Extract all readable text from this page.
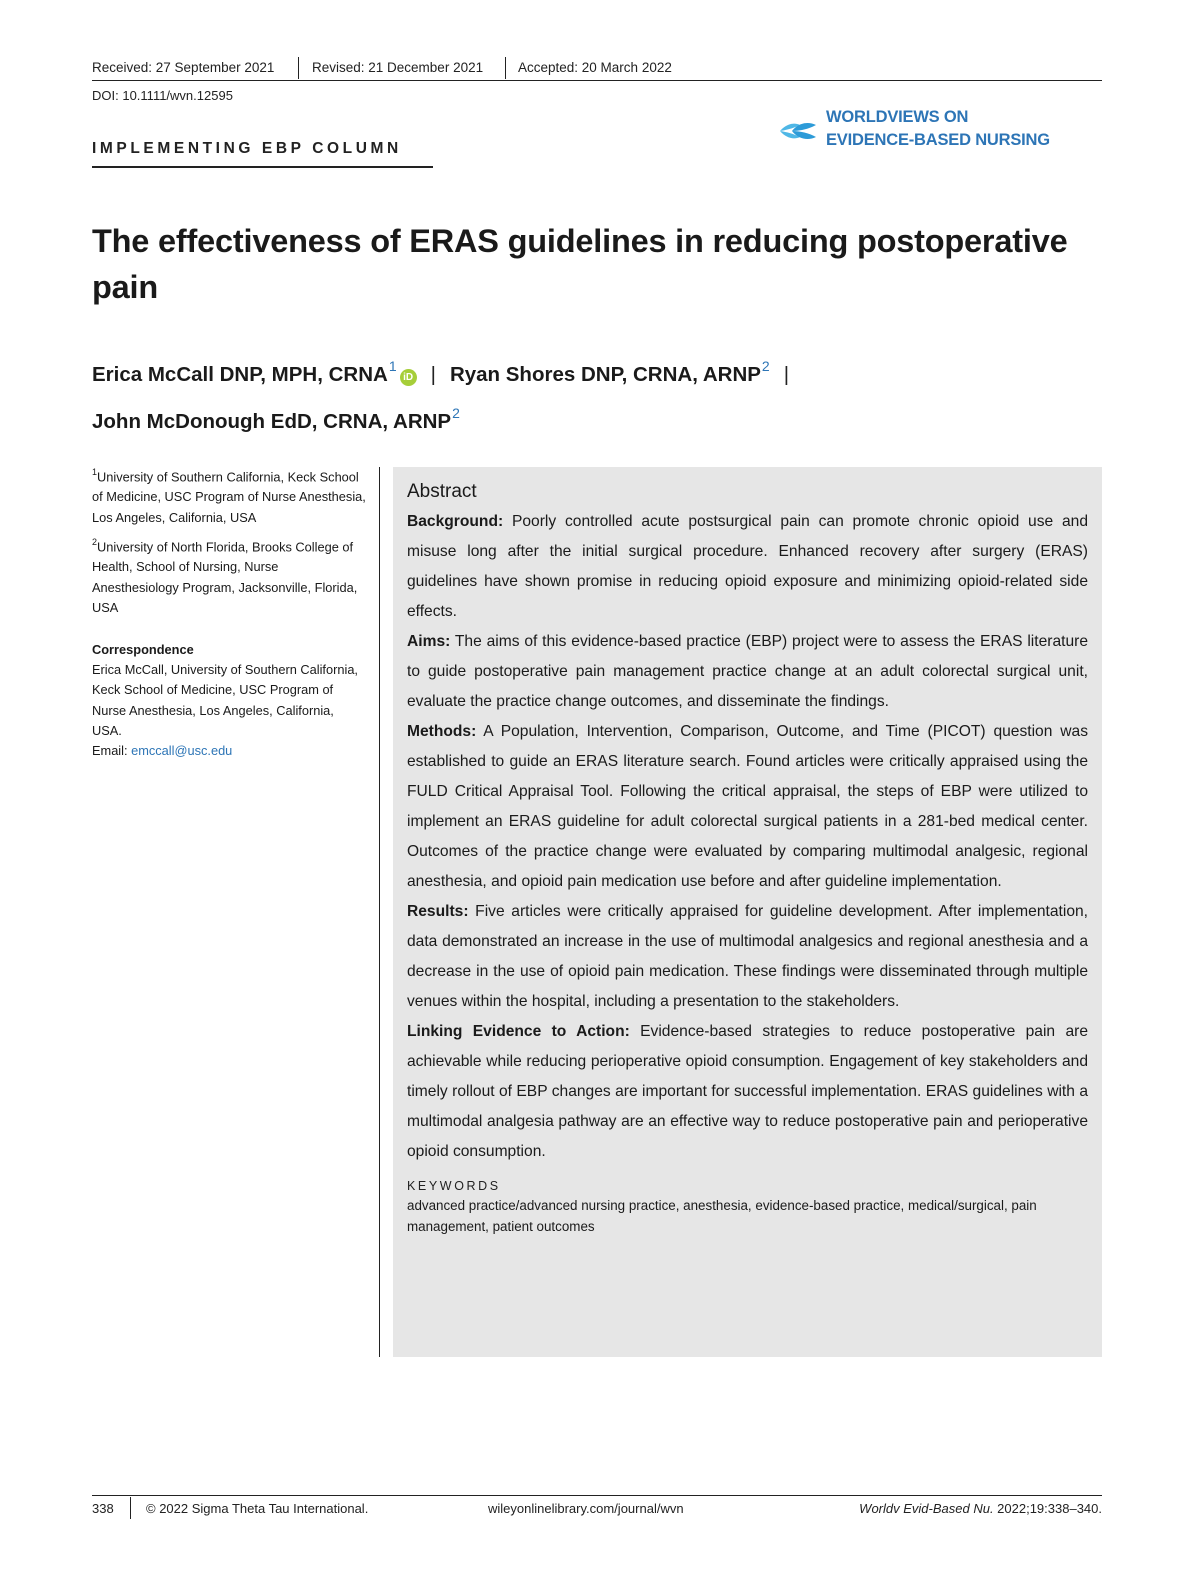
Received: 27 September 2021	Revised: 21 December 2021	Accepted: 20 March 2022
DOI: 10.1111/wvn.12595
IMPLEMENTING EBP COLUMN
WORLDVIEWS ON
EVIDENCE-BASED NURSING
The effectiveness of ERAS guidelines in reducing postoperative pain
Erica McCall DNP, MPH, CRNA$^1$iD | Ryan Shores DNP, CRNA, ARNP$^2$ |
John McDonough EdD, CRNA, ARNP$^2$
$^1$University of Southern California, Keck School of Medicine, USC Program of Nurse Anesthesia, Los Angeles, California, USA
$^2$University of North Florida, Brooks College of Health, School of Nursing, Nurse Anesthesiology Program, Jacksonville, Florida, USA
Correspondence
Erica McCall, University of Southern California, Keck School of Medicine, USC Program of Nurse Anesthesia, Los Angeles, California, USA.
Email: emccall@usc.edu
Abstract

Background: Poorly controlled acute postsurgical pain can promote chronic opioid use and misuse long after the initial surgical procedure. Enhanced recovery after surgery (ERAS) guidelines have shown promise in reducing opioid exposure and minimizing opioid-related side effects.

Aims: The aims of this evidence-based practice (EBP) project were to assess the ERAS literature to guide postoperative pain management practice change at an adult colorectal surgical unit, evaluate the practice change outcomes, and disseminate the findings.

Methods: A Population, Intervention, Comparison, Outcome, and Time (PICOT) question was established to guide an ERAS literature search. Found articles were critically appraised using the FULD Critical Appraisal Tool. Following the critical appraisal, the steps of EBP were utilized to implement an ERAS guideline for adult colorectal surgical patients in a 281-bed medical center. Outcomes of the practice change were evaluated by comparing multimodal analgesic, regional anesthesia, and opioid pain medication use before and after guideline implementation.

Results: Five articles were critically appraised for guideline development. After implementation, data demonstrated an increase in the use of multimodal analgesics and regional anesthesia and a decrease in the use of opioid pain medication. These findings were disseminated through multiple venues within the hospital, including a presentation to the stakeholders.

Linking Evidence to Action: Evidence-based strategies to reduce postoperative pain are achievable while reducing perioperative opioid consumption. Engagement of key stakeholders and timely rollout of EBP changes are important for successful implementation. ERAS guidelines with a multimodal analgesia pathway are an effective way to reduce postoperative pain and perioperative opioid consumption.

KEYWORDS
advanced practice/advanced nursing practice, anesthesia, evidence-based practice, medical/surgical, pain management, patient outcomes
338 © 2022 Sigma Theta Tau International.	wileyonlinelibrary.com/journal/wvn	Worldv Evid-Based Nu. 2022;19:338–340.
